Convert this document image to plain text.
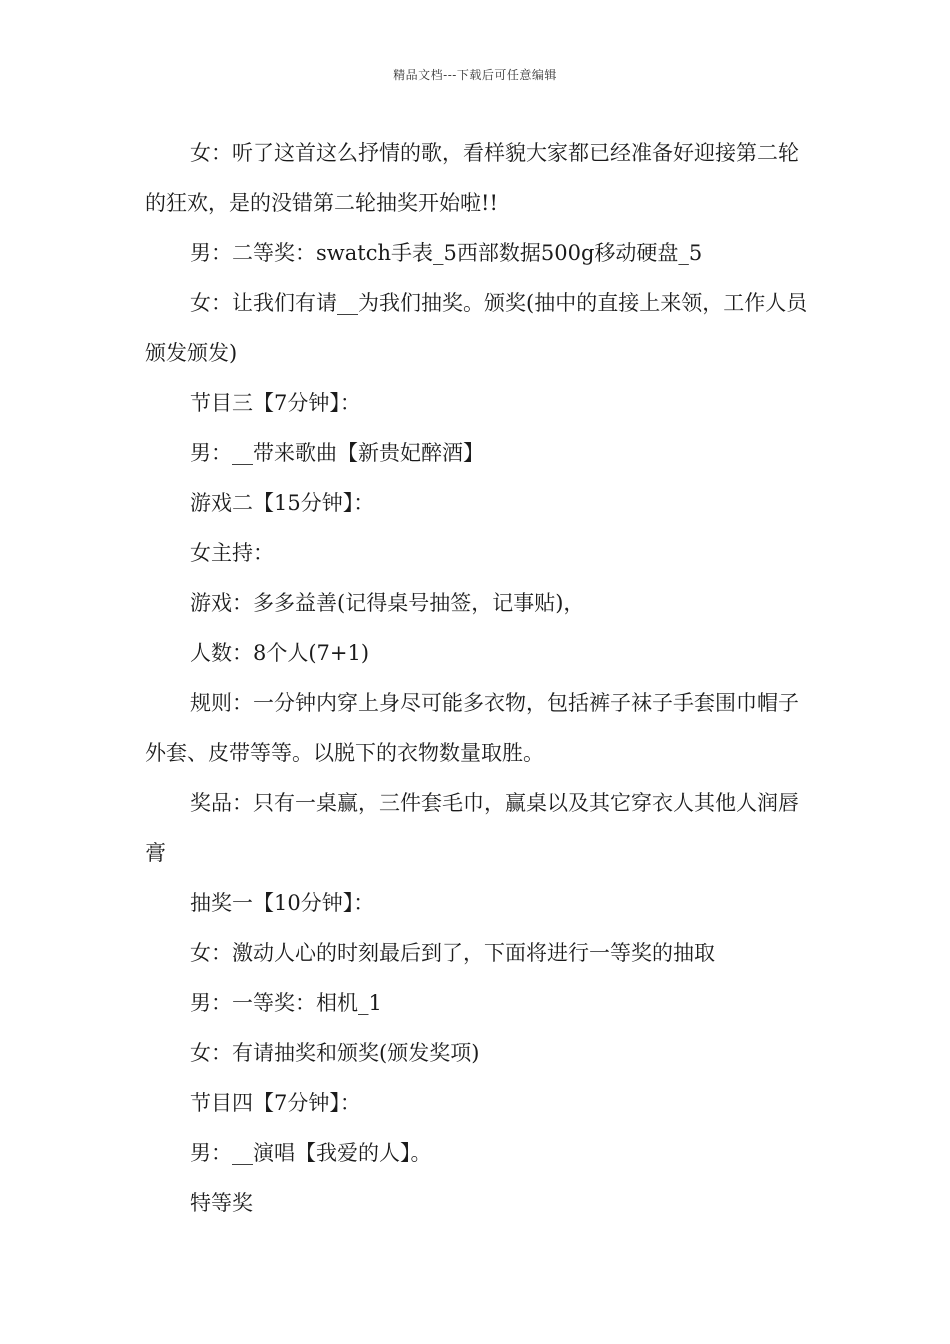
精品文档---下载后可任意编辑

女：听了这首这么抒情的歌，看样貌大家都已经准备好迎接第二轮的狂欢，是的没错第二轮抽奖开始啦!!

男：二等奖：swatch手表_5西部数据500g移动硬盘_5

女：让我们有请__为我们抽奖。颁奖(抽中的直接上来领，工作人员颁发颁发)

节目三【7分钟】：

男：__带来歌曲【新贵妃醉酒】

游戏二【15分钟】：

女主持：

游戏：多多益善(记得桌号抽签，记事贴)，

人数：8个人(7+1)

规则：一分钟内穿上身尽可能多衣物，包括裤子袜子手套围巾帽子外套、皮带等等。以脱下的衣物数量取胜。

奖品：只有一桌赢，三件套毛巾，赢桌以及其它穿衣人其他人润唇膏

抽奖一【10分钟】：

女：激动人心的时刻最后到了，下面将进行一等奖的抽取

男：一等奖：相机_1

女：有请抽奖和颁奖(颁发奖项)

节目四【7分钟】：

男：__演唱【我爱的人】。

特等奖
